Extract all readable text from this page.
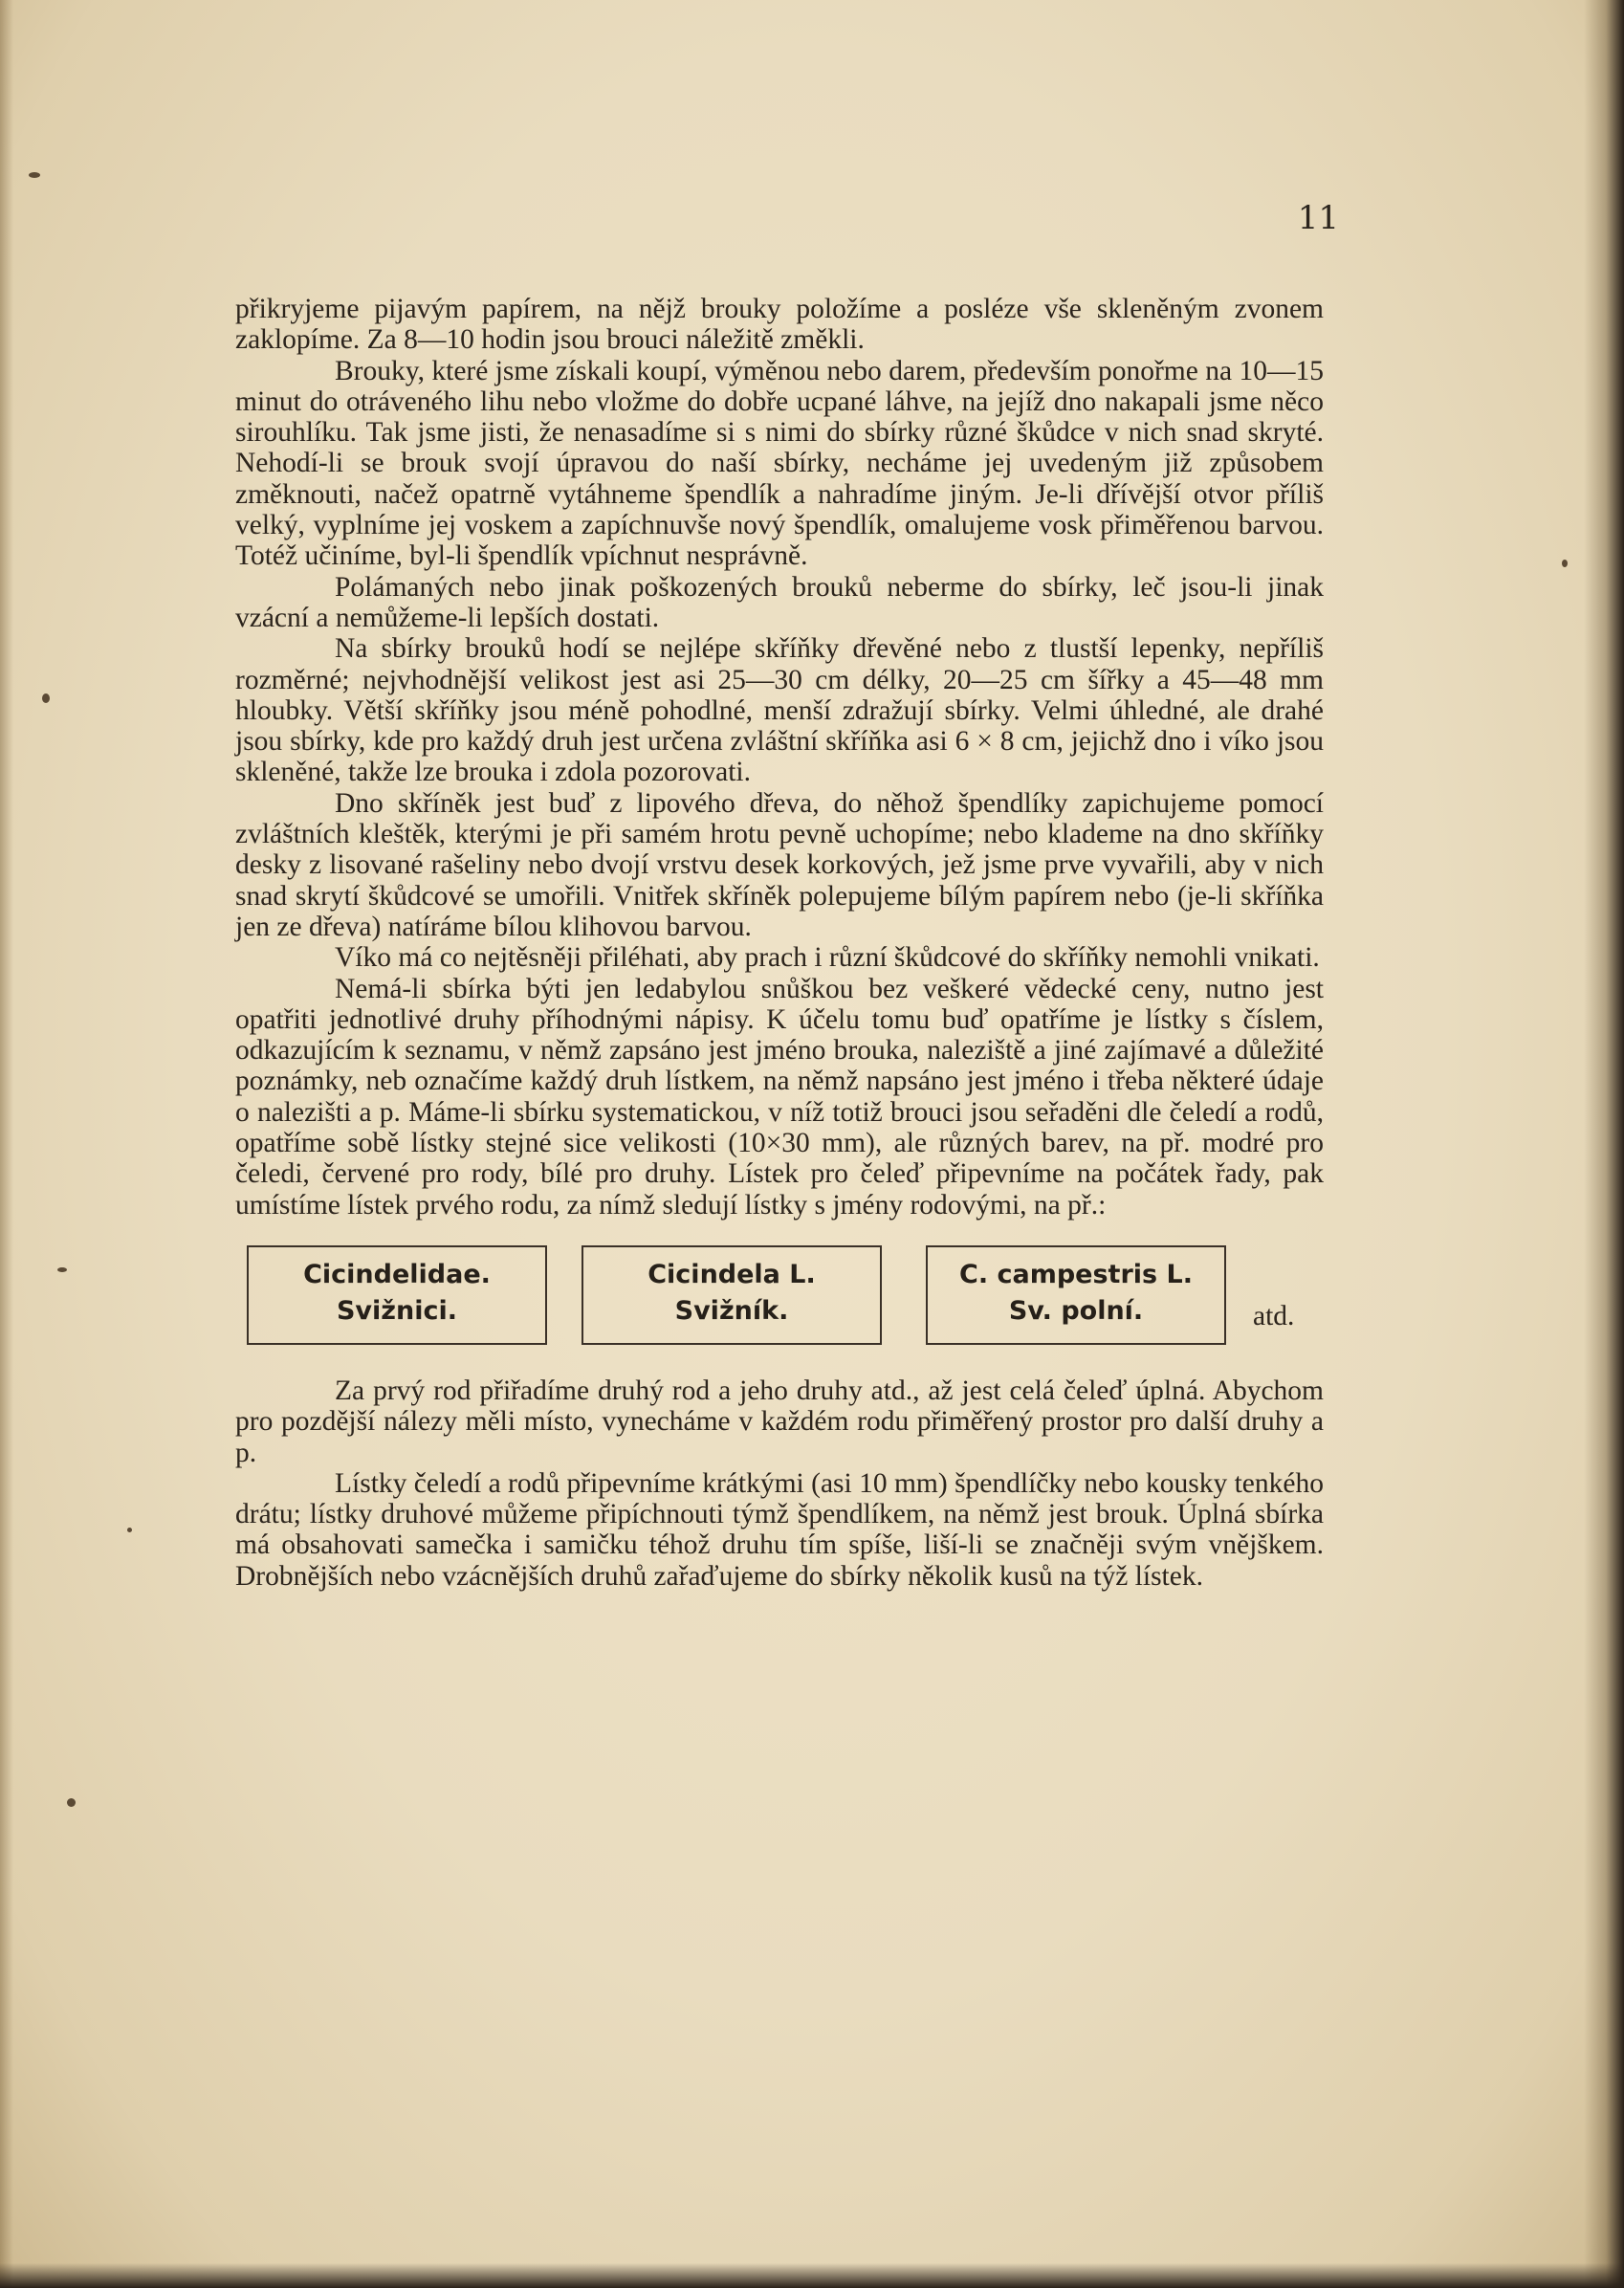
11

přikryjeme pijavým papírem, na nějž brouky položíme a posléze vše skleněným zvonem zaklopíme. Za 8—10 hodin jsou brouci náležitě změkli.

Brouky, které jsme získali koupí, výměnou nebo darem, především ponořme na 10—15 minut do otráveného lihu nebo vložme do dobře ucpané láhve, na jejíž dno nakapali jsme něco sirouhlíku. Tak jsme jisti, že nenasadíme si s nimi do sbírky různé škůdce v nich snad skryté. Nehodí-li se brouk svojí úpravou do naší sbírky, necháme jej uvedeným již způsobem změknouti, načež opatrně vytáhneme špendlík a nahradíme jiným. Je-li dřívější otvor příliš velký, vyplníme jej voskem a zapíchnuvše nový špendlík, omalujeme vosk přiměřenou barvou. Totéž učiníme, byl-li špendlík vpíchnut nesprávně.

Polámaných nebo jinak poškozených brouků neberme do sbírky, leč jsou-li jinak vzácní a nemůžeme-li lepších dostati.

Na sbírky brouků hodí se nejlépe skříňky dřevěné nebo z tlustší lepenky, nepříliš rozměrné; nejvhodnější velikost jest asi 25—30 cm délky, 20—25 cm šířky a 45—48 mm hloubky. Větší skříňky jsou méně pohodlné, menší zdražují sbírky. Velmi úhledné, ale drahé jsou sbírky, kde pro každý druh jest určena zvláštní skříňka asi 6 × 8 cm, jejichž dno i víko jsou skleněné, takže lze brouka i zdola pozorovati.

Dno skříněk jest buď z lipového dřeva, do něhož špendlíky zapichujeme pomocí zvláštních kleštěk, kterými je při samém hrotu pevně uchopíme; nebo klademe na dno skříňky desky z lisované rašeliny nebo dvojí vrstvu desek korkových, jež jsme prve vyvařili, aby v nich snad skrytí škůdcové se umořili. Vnitřek skříněk polepujeme bílým papírem nebo (je-li skříňka jen ze dřeva) natíráme bílou klihovou barvou.

Víko má co nejtěsněji přiléhati, aby prach i různí škůdcové do skříňky nemohli vnikati.

Nemá-li sbírka býti jen ledabylou snůškou bez veškeré vědecké ceny, nutno jest opatřiti jednotlivé druhy příhodnými nápisy. K účelu tomu buď opatříme je lístky s číslem, odkazujícím k seznamu, v němž zapsáno jest jméno brouka, naleziště a jiné zajímavé a důležité poznámky, neb označíme každý druh lístkem, na němž napsáno jest jméno i třeba některé údaje o nalezišti a p. Máme-li sbírku systematickou, v níž totiž brouci jsou seřaděni dle čeledí a rodů, opatříme sobě lístky stejné sice velikosti (10×30 mm), ale různých barev, na př. modré pro čeledi, červené pro rody, bílé pro druhy. Lístek pro čeleď připevníme na počátek řady, pak umístíme lístek prvého rodu, za nímž sledují lístky s jmény rodovými, na př.:

Cicindelidae.
Svižnici.
Cicindela L.
Svižník.
C. campestris L.
Sv. polní.	atd.

Za prvý rod přiřadíme druhý rod a jeho druhy atd., až jest celá čeleď úplná. Abychom pro pozdější nálezy měli místo, vynecháme v každém rodu přiměřený prostor pro další druhy a p.

Lístky čeledí a rodů připevníme krátkými (asi 10 mm) špendlíčky nebo kousky tenkého drátu; lístky druhové můžeme připíchnouti týmž špendlíkem, na němž jest brouk. Úplná sbírka má obsahovati samečka i samičku téhož druhu tím spíše, liší-li se značněji svým vnějškem. Drobnějších nebo vzácnějších druhů zařaďujeme do sbírky několik kusů na týž lístek.
